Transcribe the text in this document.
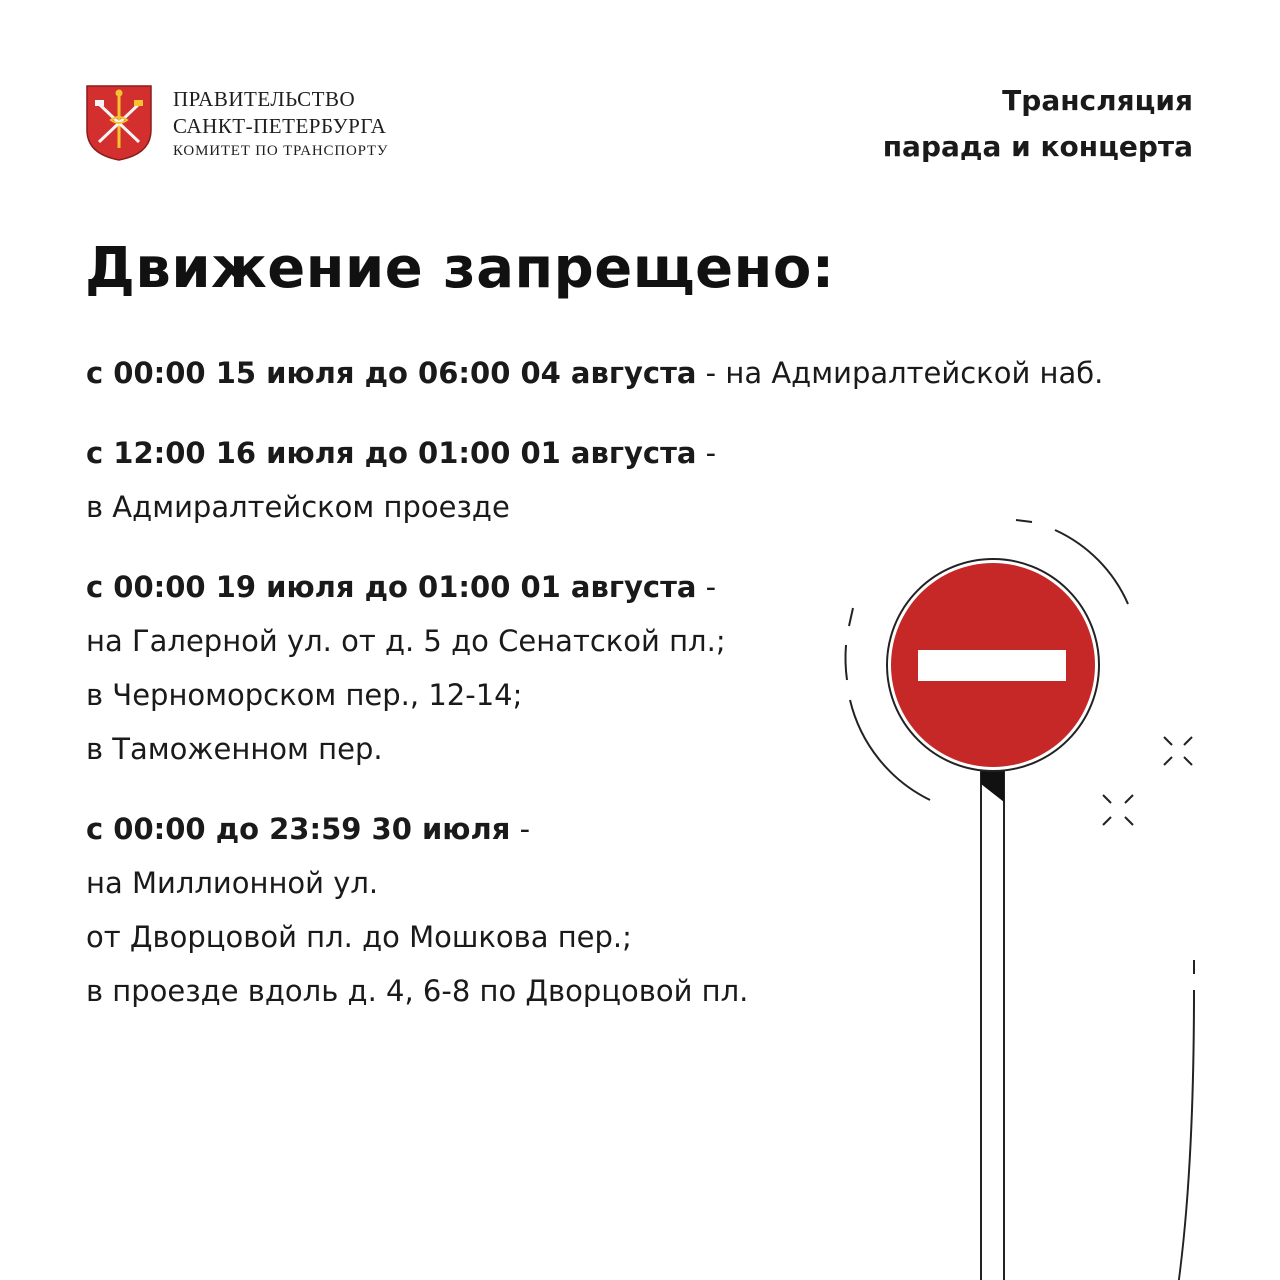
ПРАВИТЕЛЬСТВО
САНКТ-ПЕТЕРБУРГА
КОМИТЕТ ПО ТРАНСПОРТУ
Трансляция
парада и концерта
Движение запрещено:
с 00:00 15 июля до 06:00 04 августа - на Адмиралтейской наб.
с 12:00 16 июля до 01:00 01 августа -
в Адмиралтейском проезде
с 00:00 19 июля до 01:00 01 августа -
на Галерной ул. от д. 5 до Сенатской пл.;
в Черноморском пер., 12-14;
в Таможенном пер.
с 00:00 до 23:59 30 июля -
на Миллионной ул.
от Дворцовой пл. до Мошкова пер.;
в проезде вдоль д. 4, 6-8 по Дворцовой пл.
